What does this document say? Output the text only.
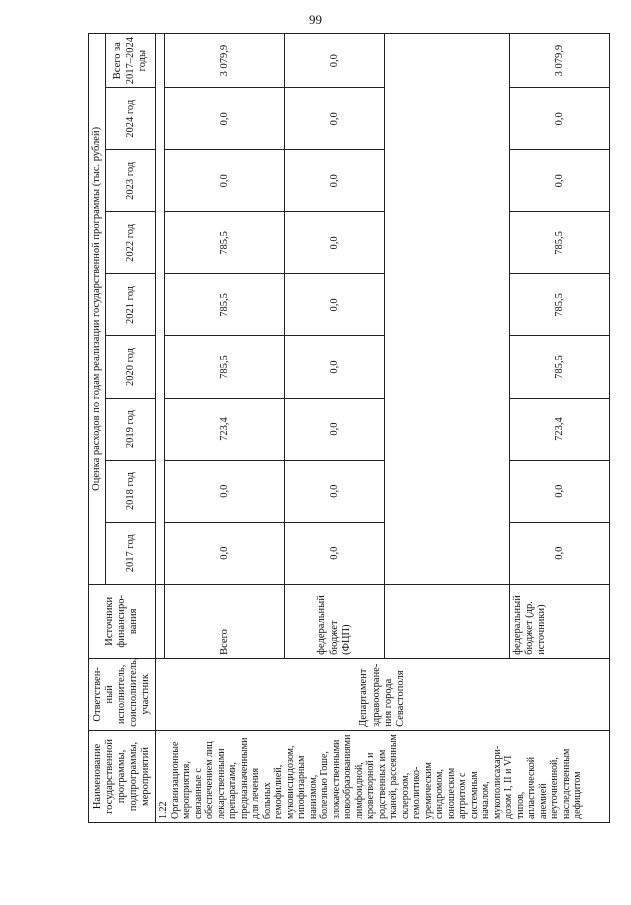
99
Наименование государственной программы, подпрограммы, мероприятий	Ответствен-ный исполнитель, соисполнитель, участник	Источники финансиро-вания	Оценка расходов по годам реализации государственной программы (тыс. рублей)								
			2017 год	2018 год	2019 год	2020 год	2021 год	2022 год	2023 год	2024 год	Всего за 2017–2024 годы

1.22 Организационные мероприятия, связанные с обеспечением лиц лекарственными препаратами, предназначенными для лечения больных гемофилией, муковисцидозом, гипофизарным нанизмом, болезнью Гоше, злокачественными новообразованиями лимфоидной, кроветворной и родственных им тканей, рассеянным склерозом, гемолитико-уремическим синдромом, юношеским артритом с системным началом, мукополисахари-дозом I, II и VI типов, апластической анемией неуточненной, наследственным дефицитом	Департамент здравоохране-ния города Севастополя										
		Всего	0,0	0,0	723,4	785,5	785,5	785,5	0,0	0,0	3 079,9
		федеральный бюджет (ФЦП)	0,0	0,0	0,0	0,0	0,0	0,0	0,0	0,0	0,0

		федеральный бюджет (др. источники)	0,0	0,0	723,4	785,5	785,5	785,5	0,0	0,0	3 079,9
